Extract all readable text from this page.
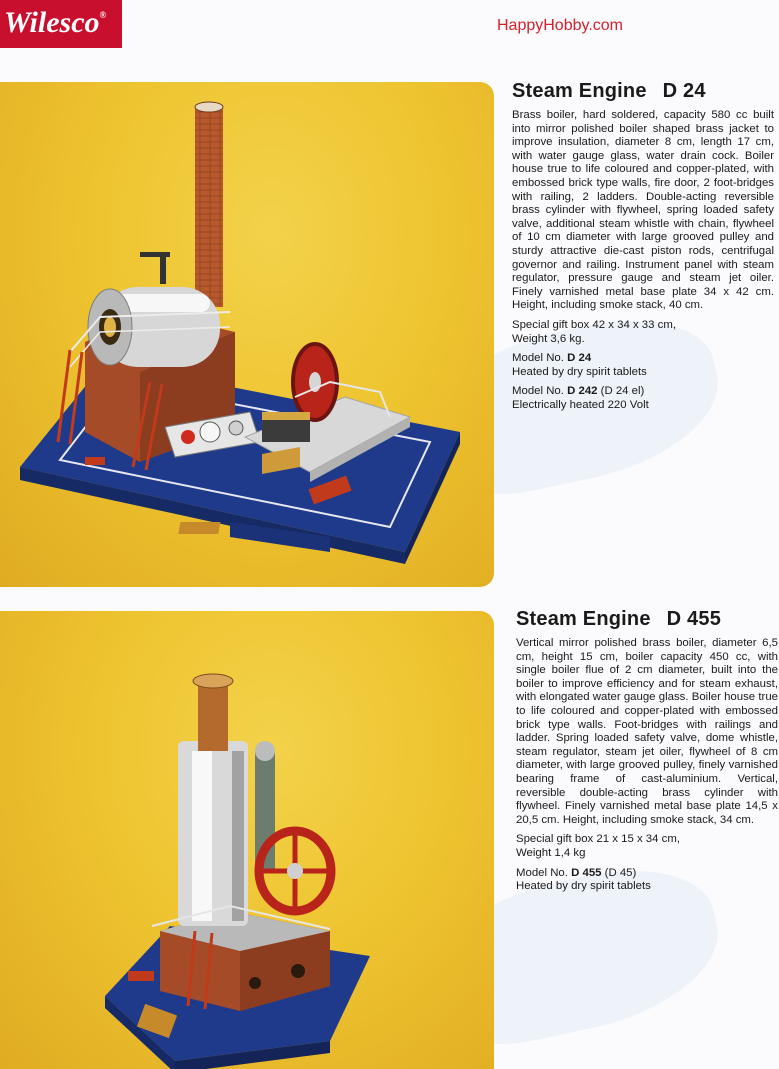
Wilesco®
HappyHobby.com
Steam Engine D 24

Brass boiler, hard soldered, capacity 580 cc built into mirror polished boiler shaped brass jacket to improve insulation, diameter 8 cm, length 17 cm, with water gauge glass, water drain cock. Boiler house true to life coloured and copper-plated, with embossed brick type walls, fire door, 2 foot-bridges with railing, 2 ladders. Double-acting reversible brass cylinder with flywheel, spring loaded safety valve, additional steam whistle with chain, flywheel of 10 cm diameter with large grooved pulley and sturdy attractive die-cast piston rods, centrifugal governor and railing. Instrument panel with steam regulator, pressure gauge and steam jet oiler. Finely varnished metal base plate 34 x 42 cm. Height, including smoke stack, 40 cm.

Special gift box 42 x 34 x 33 cm,
Weight 3,6 kg.

Model No. D 24
Heated by dry spirit tablets

Model No. D 242 (D 24 el)
Electrically heated 220 Volt

Steam Engine D 455

Vertical mirror polished brass boiler, diameter 6,5 cm, height 15 cm, boiler capacity 450 cc, with single boiler flue of 2 cm diameter, built into the boiler to improve efficiency and for steam exhaust, with elongated water gauge glass. Boiler house true to life coloured and copper-plated with embossed brick type walls. Foot-bridges with railings and ladder. Spring loaded safety valve, dome whistle, steam regulator, steam jet oiler, flywheel of 8 cm diameter, with large grooved pulley, finely varnished bearing frame of cast-aluminium. Vertical, reversible double-acting brass cylinder with flywheel. Finely varnished metal base plate 14,5 x 20,5 cm. Height, including smoke stack, 34 cm.

Special gift box 21 x 15 x 34 cm,
Weight 1,4 kg

Model No. D 455 (D 45)
Heated by dry spirit tablets
